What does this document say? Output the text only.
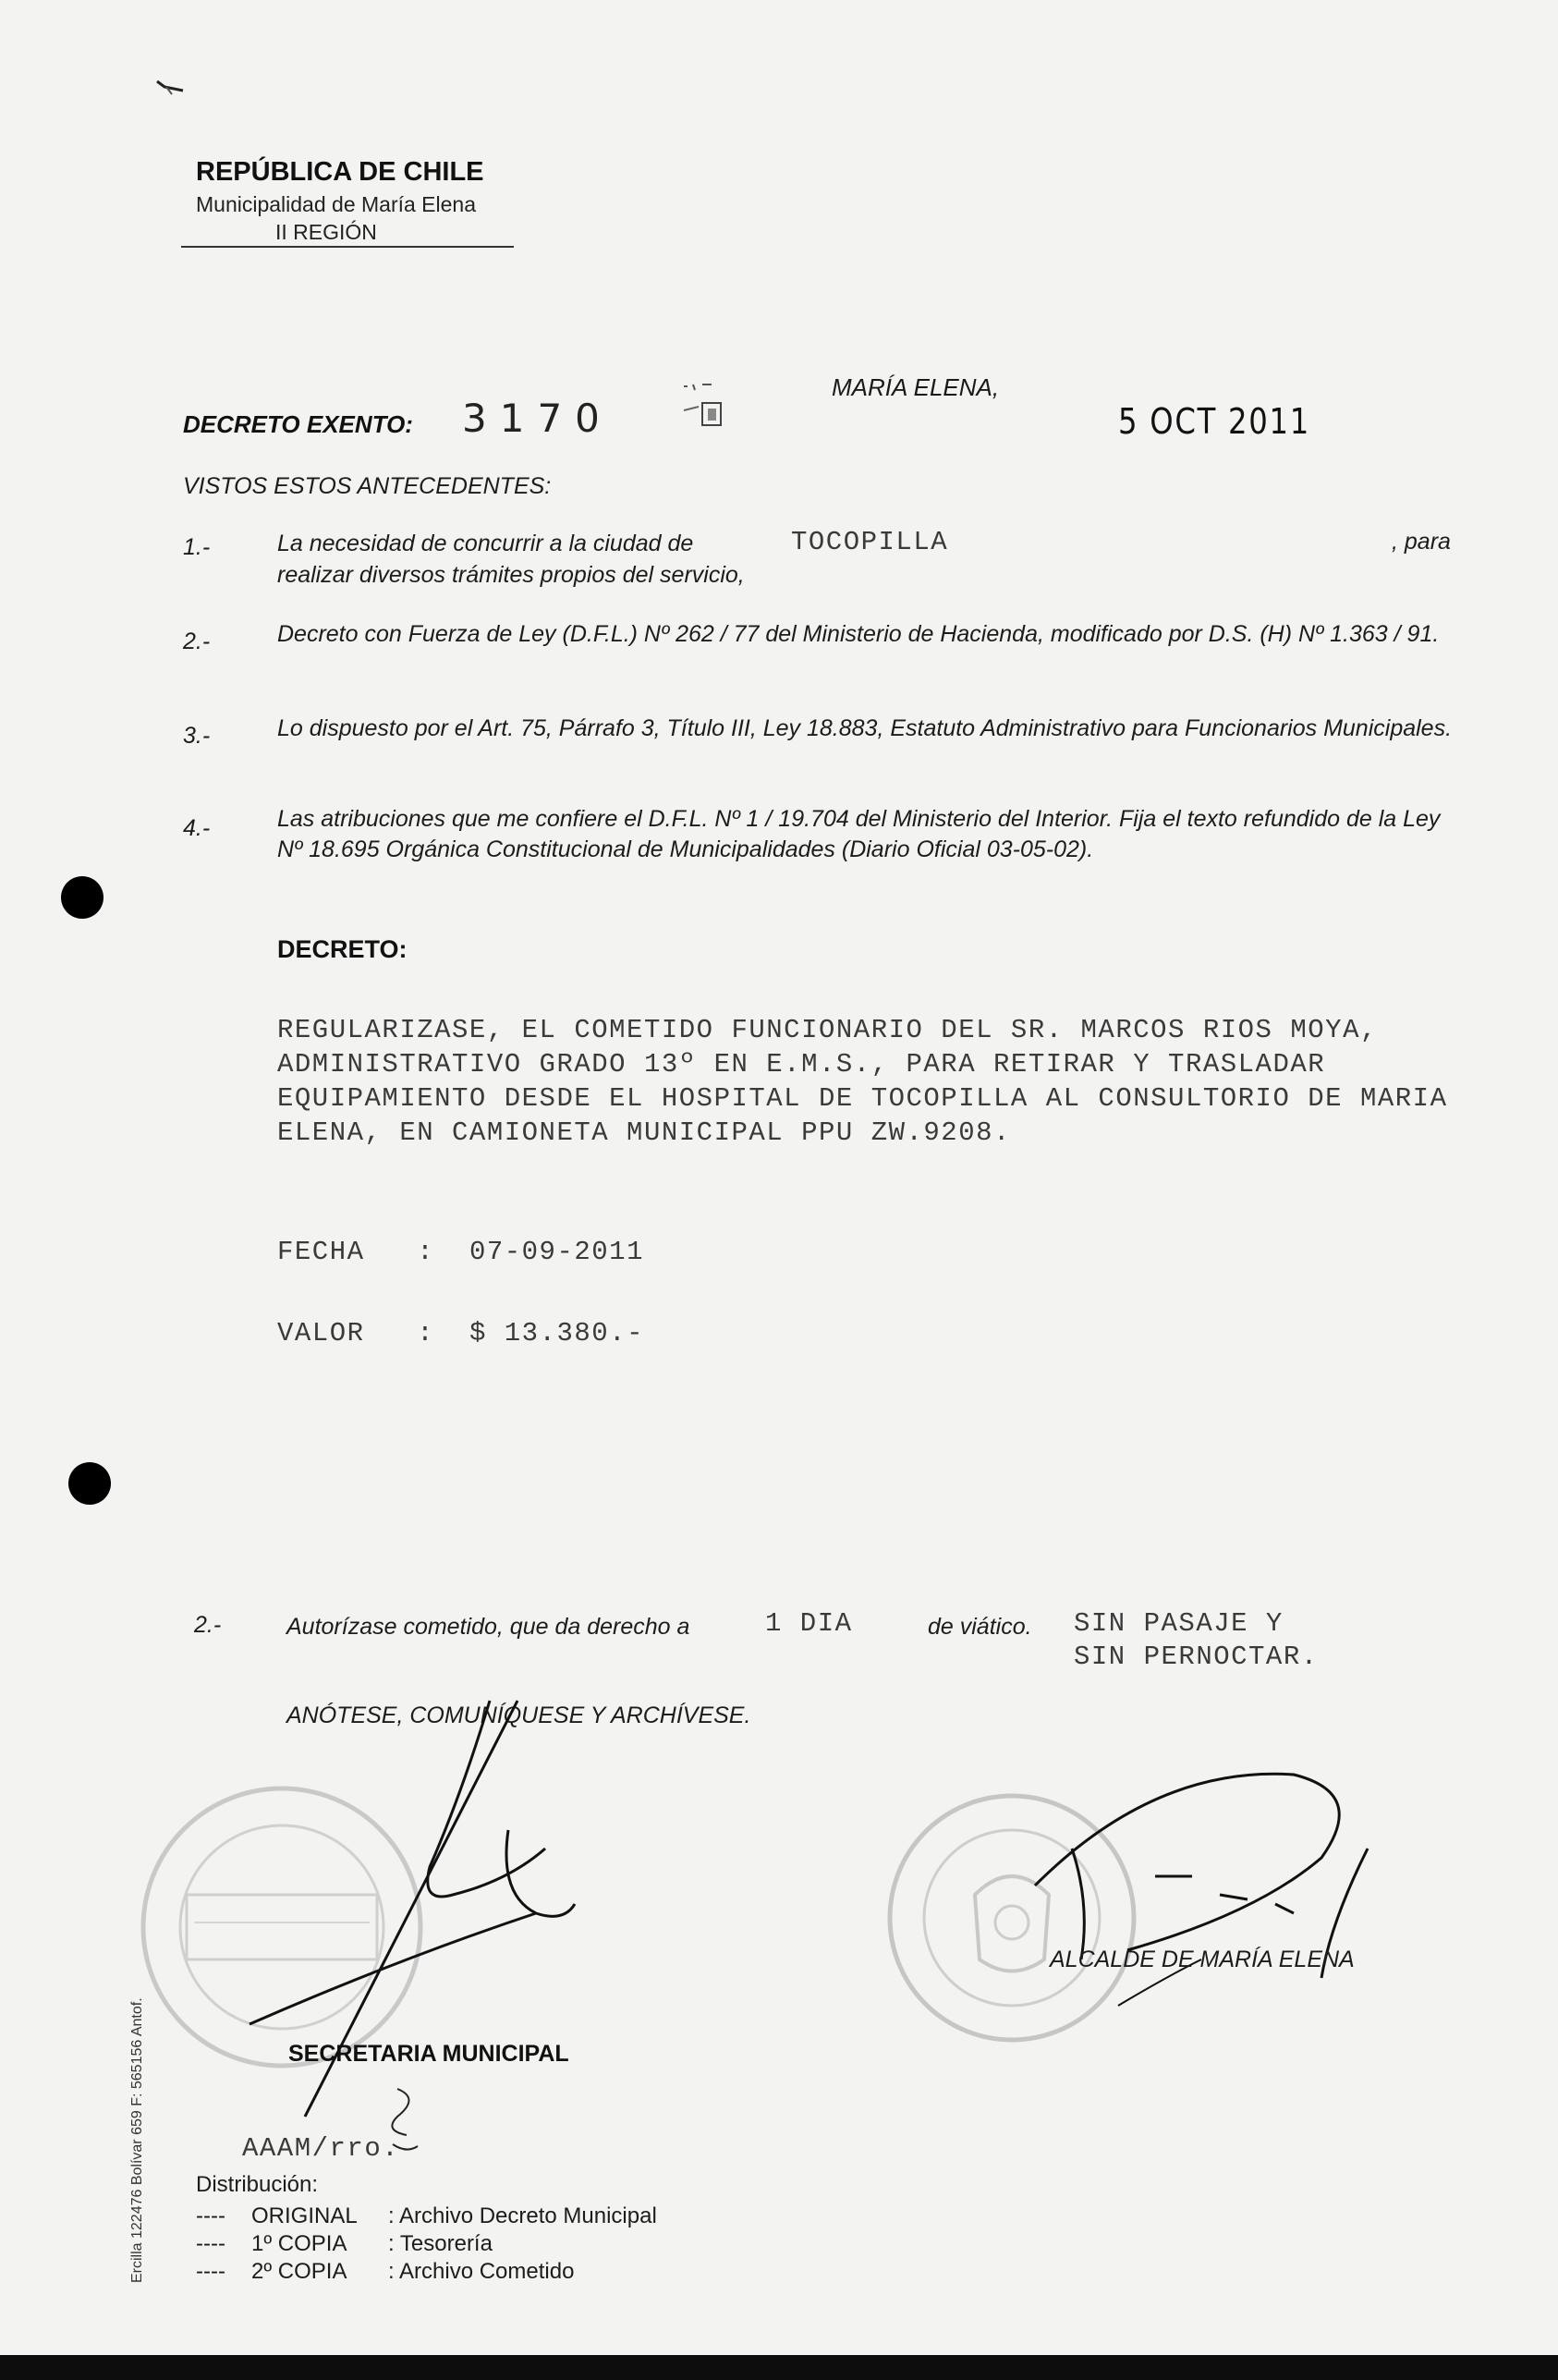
REPÚBLICA DE CHILE
Municipalidad de María Elena
II REGIÓN
DECRETO EXENTO: 3170
MARÍA ELENA,
5 OCT 2011
VISTOS ESTOS ANTECEDENTES:
1.-	La necesidad de concurrir a la ciudad de	TOCOPILLA	, para
realizar diversos trámites propios del servicio,
2.-	Decreto con Fuerza de Ley (D.F.L.) Nº 262 / 77 del Ministerio de Hacienda, modificado por D.S. (H) Nº 1.363 / 91.
3.-	Lo dispuesto por el Art. 75, Párrafo 3, Título III, Ley 18.883, Estatuto Administrativo para Funcionarios Municipales.
4.-	Las atribuciones que me confiere el D.F.L. Nº 1 / 19.704 del Ministerio del Interior. Fija el texto refundido de la Ley Nº 18.695 Orgánica Constitucional de Municipalidades (Diario Oficial 03-05-02).
DECRETO:
REGULARIZASE, EL COMETIDO FUNCIONARIO DEL SR. MARCOS RIOS MOYA, ADMINISTRATIVO GRADO 13º EN E.M.S., PARA RETIRAR Y TRASLADAR EQUIPAMIENTO DESDE EL HOSPITAL DE TOCOPILLA AL CONSULTORIO DE MARIA ELENA, EN CAMIONETA MUNICIPAL PPU ZW.9208.
FECHA   :  07-09-2011
VALOR   :  $ 13.380.-
2.-	Autorízase cometido, que da derecho a	1 DIA	de viático. SIN PASAJE Y
SIN PERNOCTAR.
ANÓTESE, COMUNÍQUESE Y ARCHÍVESE.
SECRETARIA MUNICIPAL
ALCALDE DE MARÍA ELENA
AAAM/rro.
Distribución:
---- ORIGINAL : Archivo Decreto Municipal
---- 1º COPIA : Tesorería
---- 2º COPIA : Archivo Cometido
Ercilla 122476 Bolívar 659 F: 565156 Antof.
